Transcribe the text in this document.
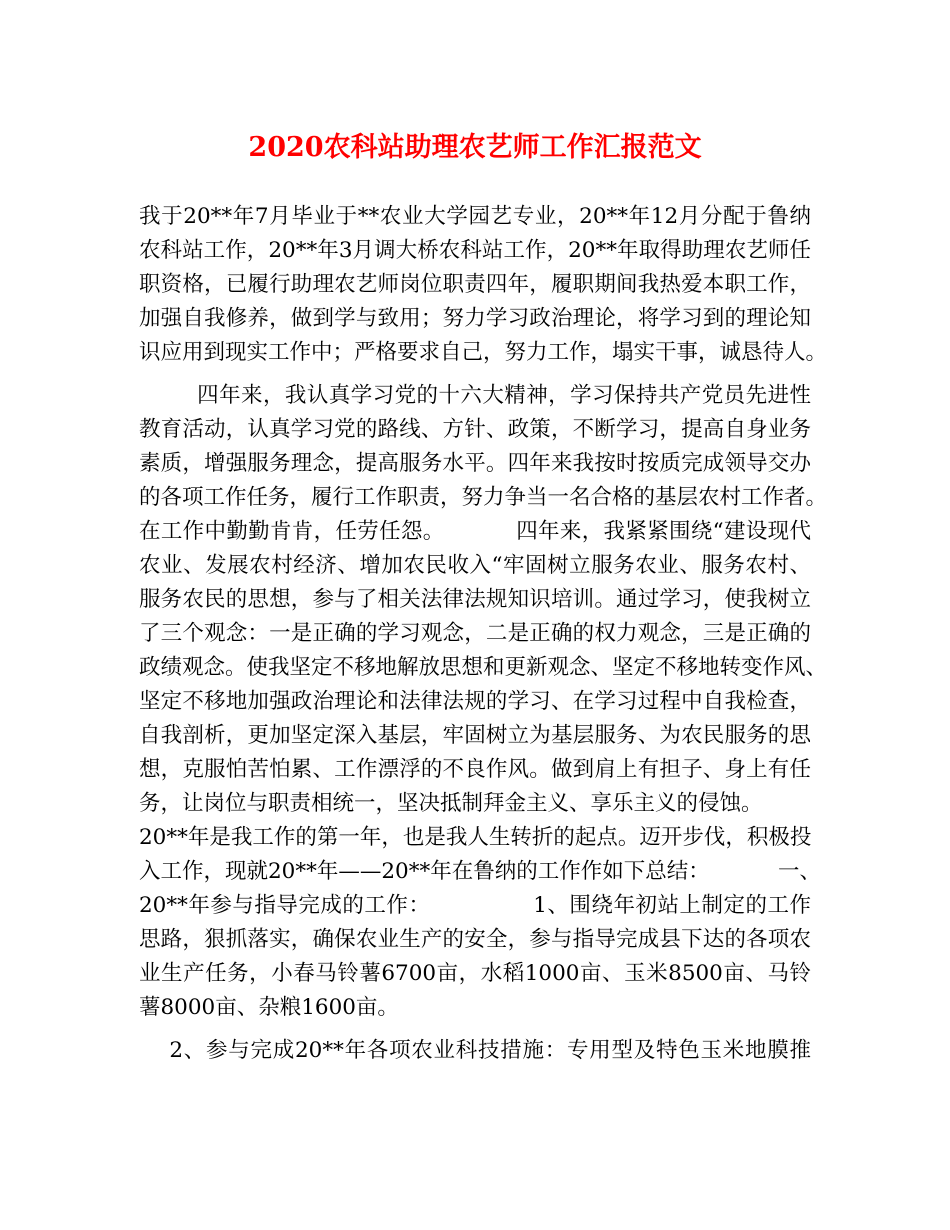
2020农科站助理农艺师工作汇报范文
我于20**年7月毕业于**农业大学园艺专业，20**年12月分配于鲁纳
农科站工作，20**年3月调大桥农科站工作，20**年取得助理农艺师任
职资格，已履行助理农艺师岗位职责四年，履职期间我热爱本职工作，
加强自我修养，做到学与致用；努力学习政治理论，将学习到的理论知
识应用到现实工作中；严格要求自己，努力工作，塌实干事，诚恳待人。
四年来，我认真学习党的十六大精神，学习保持共产党员先进性
教育活动，认真学习党的路线、方针、政策，不断学习，提高自身业务
素质，增强服务理念，提高服务水平。四年来我按时按质完成领导交办
的各项工作任务，履行工作职责，努力争当一名合格的基层农村工作者。
在工作中勤勤肯肯，任劳任怨。          四年来，我紧紧围绕“建设现代
农业、发展农村经济、增加农民收入“牢固树立服务农业、服务农村、
服务农民的思想，参与了相关法律法规知识培训。通过学习，使我树立
了三个观念：一是正确的学习观念，二是正确的权力观念，三是正确的
政绩观念。使我坚定不移地解放思想和更新观念、坚定不移地转变作风、
坚定不移地加强政治理论和法律法规的学习、在学习过程中自我检查，
自我剖析，更加坚定深入基层，牢固树立为基层服务、为农民服务的思
想，克服怕苦怕累、工作漂浮的不良作风。做到肩上有担子、身上有任
务，让岗位与职责相统一，坚决抵制拜金主义、享乐主义的侵蚀。
20**年是我工作的第一年，也是我人生转折的起点。迈开步伐，积极投
入工作，现就20**年——20**年在鲁纳的工作作如下总结：          一、
20**年参与指导完成的工作：              1、围绕年初站上制定的工作
思路，狠抓落实，确保农业生产的安全，参与指导完成县下达的各项农
业生产任务，小春马铃薯6700亩，水稻1000亩、玉米8500亩、马铃
薯8000亩、杂粮1600亩。
2、参与完成20**年各项农业科技措施：专用型及特色玉米地膜推
